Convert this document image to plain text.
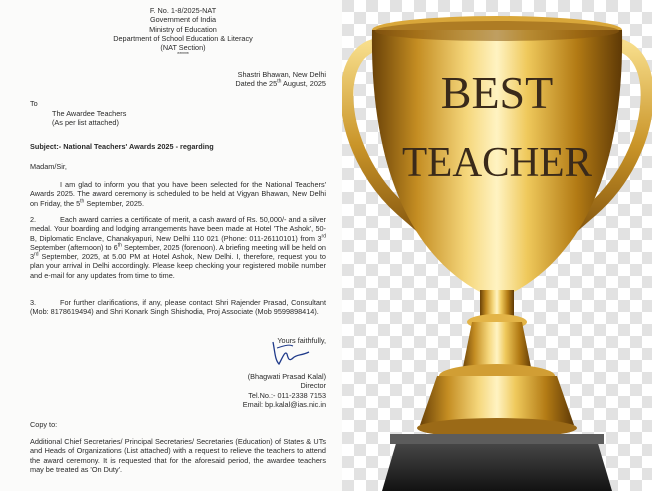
F. No. 1-8/2025-NAT

Government of India

Ministry of Education

Department of School Education & Literacy

(NAT Section)

******

Shastri Bhawan, New Delhi

Dated the 25th August, 2025

To

The Awardee Teachers

(As per list attached)

Subject:- National Teachers' Awards 2025 - regarding

Madam/Sir,

I am glad to inform you that you have been selected for the National Teachers' Awards 2025. The award ceremony is scheduled to be held at Vigyan Bhawan, New Delhi on Friday, the 5th September, 2025.

2.	Each award carries a certificate of merit, a cash award of Rs. 50,000/- and a silver medal. Your boarding and lodging arrangements have been made at Hotel 'The Ashok', 50-B, Diplomatic Enclave, Chanakyapuri, New Delhi 110 021 (Phone: 011-26110101) from 3rd September (afternoon) to 6th September, 2025 (forenoon). A briefing meeting will be held on 3rd September, 2025, at 5.00 PM at Hotel Ashok, New Delhi. I, therefore, request you to plan your arrival in Delhi accordingly. Please keep checking your registered mobile number and e-mail for any updates from time to time.

3.	For further clarifications, if any, please contact Shri Rajender Prasad, Consultant (Mob: 8178619494) and Shri Konark Singh Shishodia, Proj Associate (Mob 9599898414).

Yours faithfully,

(Bhagwati Prasad Kalal)

Director

Tel.No.:- 011-2338 7153

Email: bp.kalal@ias.nic.in

Copy to:

Additional Chief Secretaries/ Principal Secretaries/ Secretaries (Education) of States & UTs and Heads of Organizations (List attached) with a request to relieve the teachers to attend the award ceremony. It is requested that for the aforesaid period, the awardee teachers may be treated as 'On Duty'.

BEST
TEACHER
